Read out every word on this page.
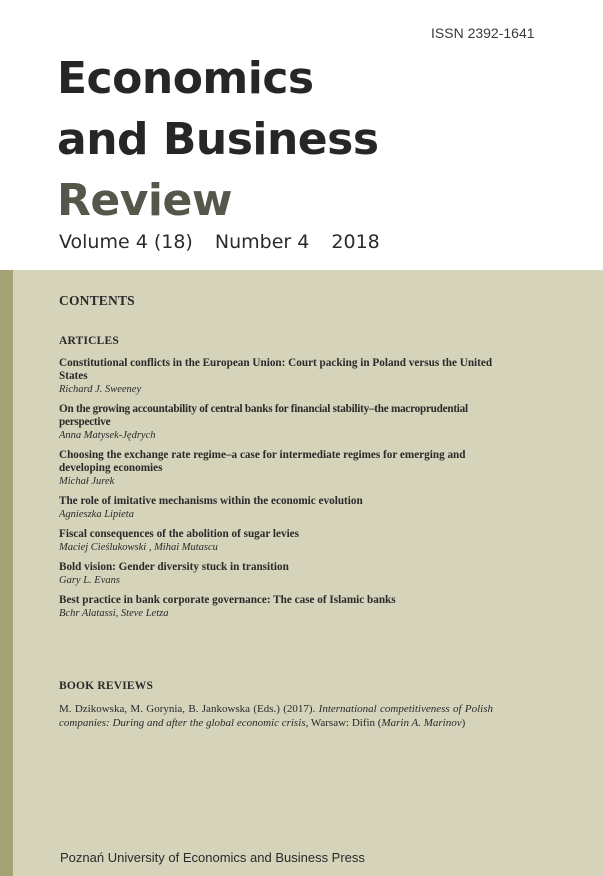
ISSN 2392-1641
Economics
and Business
Review
Volume 4 (18) Number 4 2018
CONTENTS
ARTICLES
Constitutional conflicts in the European Union: Court packing in Poland versus the United States
Richard J. Sweeney
On the growing accountability of central banks for financial stability–the macroprudential perspective
Anna Matysek-Jędrych
Choosing the exchange rate regime–a case for intermediate regimes for emerging and developing economies
Michał Jurek
The role of imitative mechanisms within the economic evolution
Agnieszka Lipieta
Fiscal consequences of the abolition of sugar levies
Maciej Cieślukowski , Mihai Mutascu
Bold vision: Gender diversity stuck in transition
Gary L. Evans
Best practice in bank corporate governance: The case of Islamic banks
Bchr Alatassi, Steve Letza
BOOK REVIEWS
M. Dzikowska, M. Gorynia, B. Jankowska (Eds.) (2017). International competitiveness of Polish companies: During and after the global economic crisis, Warsaw: Difin (Marin A. Marinov)
Poznań University of Economics and Business Press
